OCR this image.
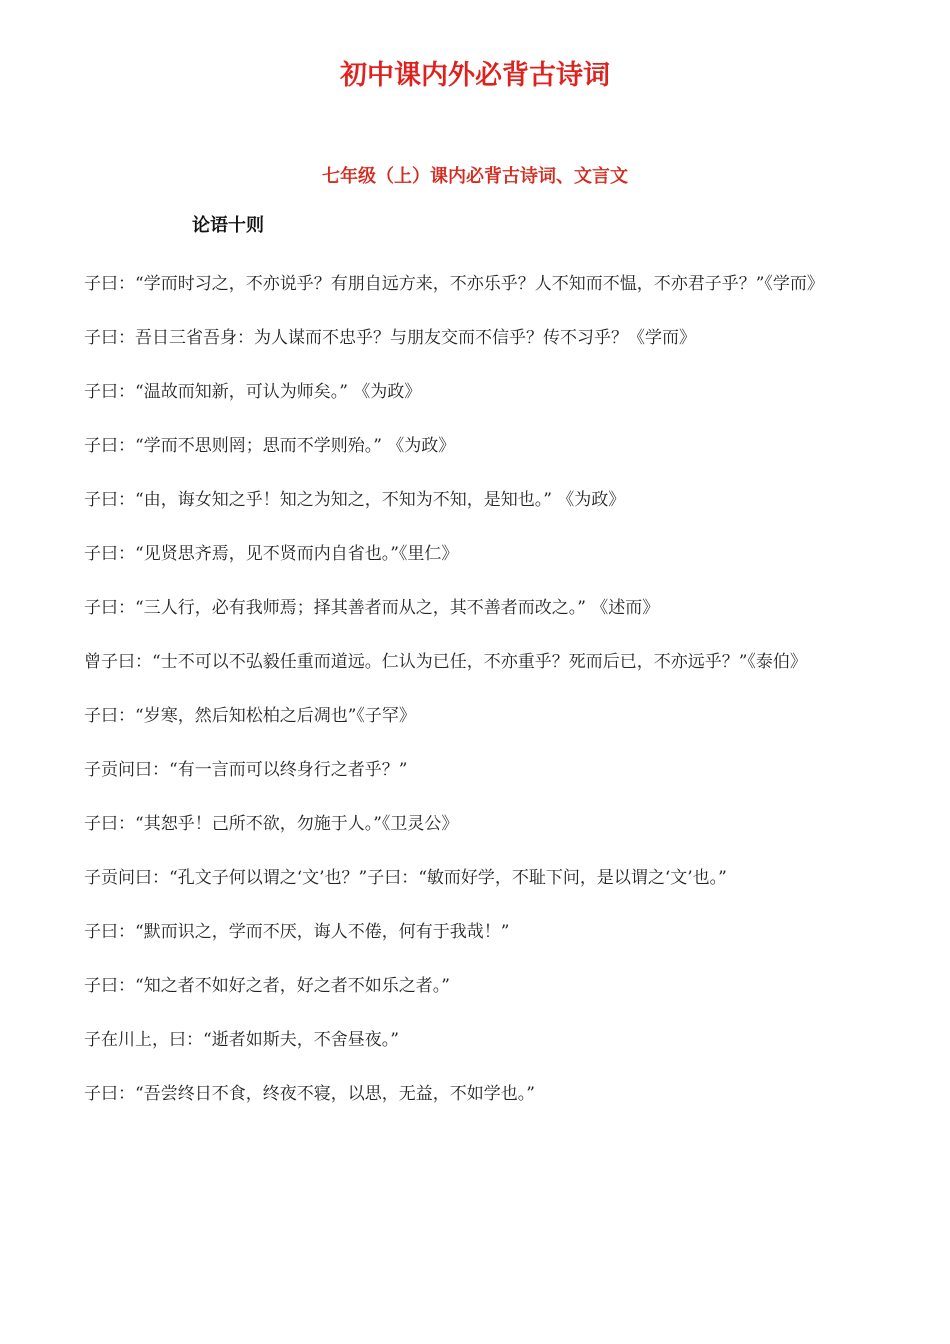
初中课内外必背古诗词
七年级（上）课内必背古诗词、文言文
论语十则

子曰：“学而时习之，不亦说乎？有朋自远方来，不亦乐乎？人不知而不愠，不亦君子乎？”《学而》

子曰：吾日三省吾身：为人谋而不忠乎？与朋友交而不信乎？传不习乎？《学而》

子曰：“温故而知新，可认为师矣。” 《为政》

子曰：“学而不思则罔；思而不学则殆。” 《为政》

子曰：“由，诲女知之乎！知之为知之，不知为不知，是知也。” 《为政》

子曰：“见贤思齐焉，见不贤而内自省也。”《里仁》

子曰：“三人行，必有我师焉；择其善者而从之，其不善者而改之。” 《述而》

曾子曰：“士不可以不弘毅任重而道远。仁认为已任，不亦重乎？死而后已，不亦远乎？”《泰伯》

子曰：“岁寒，然后知松柏之后凋也”《子罕》

子贡问曰：“有一言而可以终身行之者乎？”

子曰：“其恕乎！己所不欲，勿施于人。”《卫灵公》

子贡问曰：“孔文子何以谓之‘文’也？”子曰：“敏而好学，不耻下问，是以谓之‘文’也。”

子曰：“默而识之，学而不厌，诲人不倦，何有于我哉！”

子曰：“知之者不如好之者，好之者不如乐之者。”

子在川上，曰：“逝者如斯夫，不舍昼夜。”

子曰：“吾尝终日不食，终夜不寝，以思，无益，不如学也。”
